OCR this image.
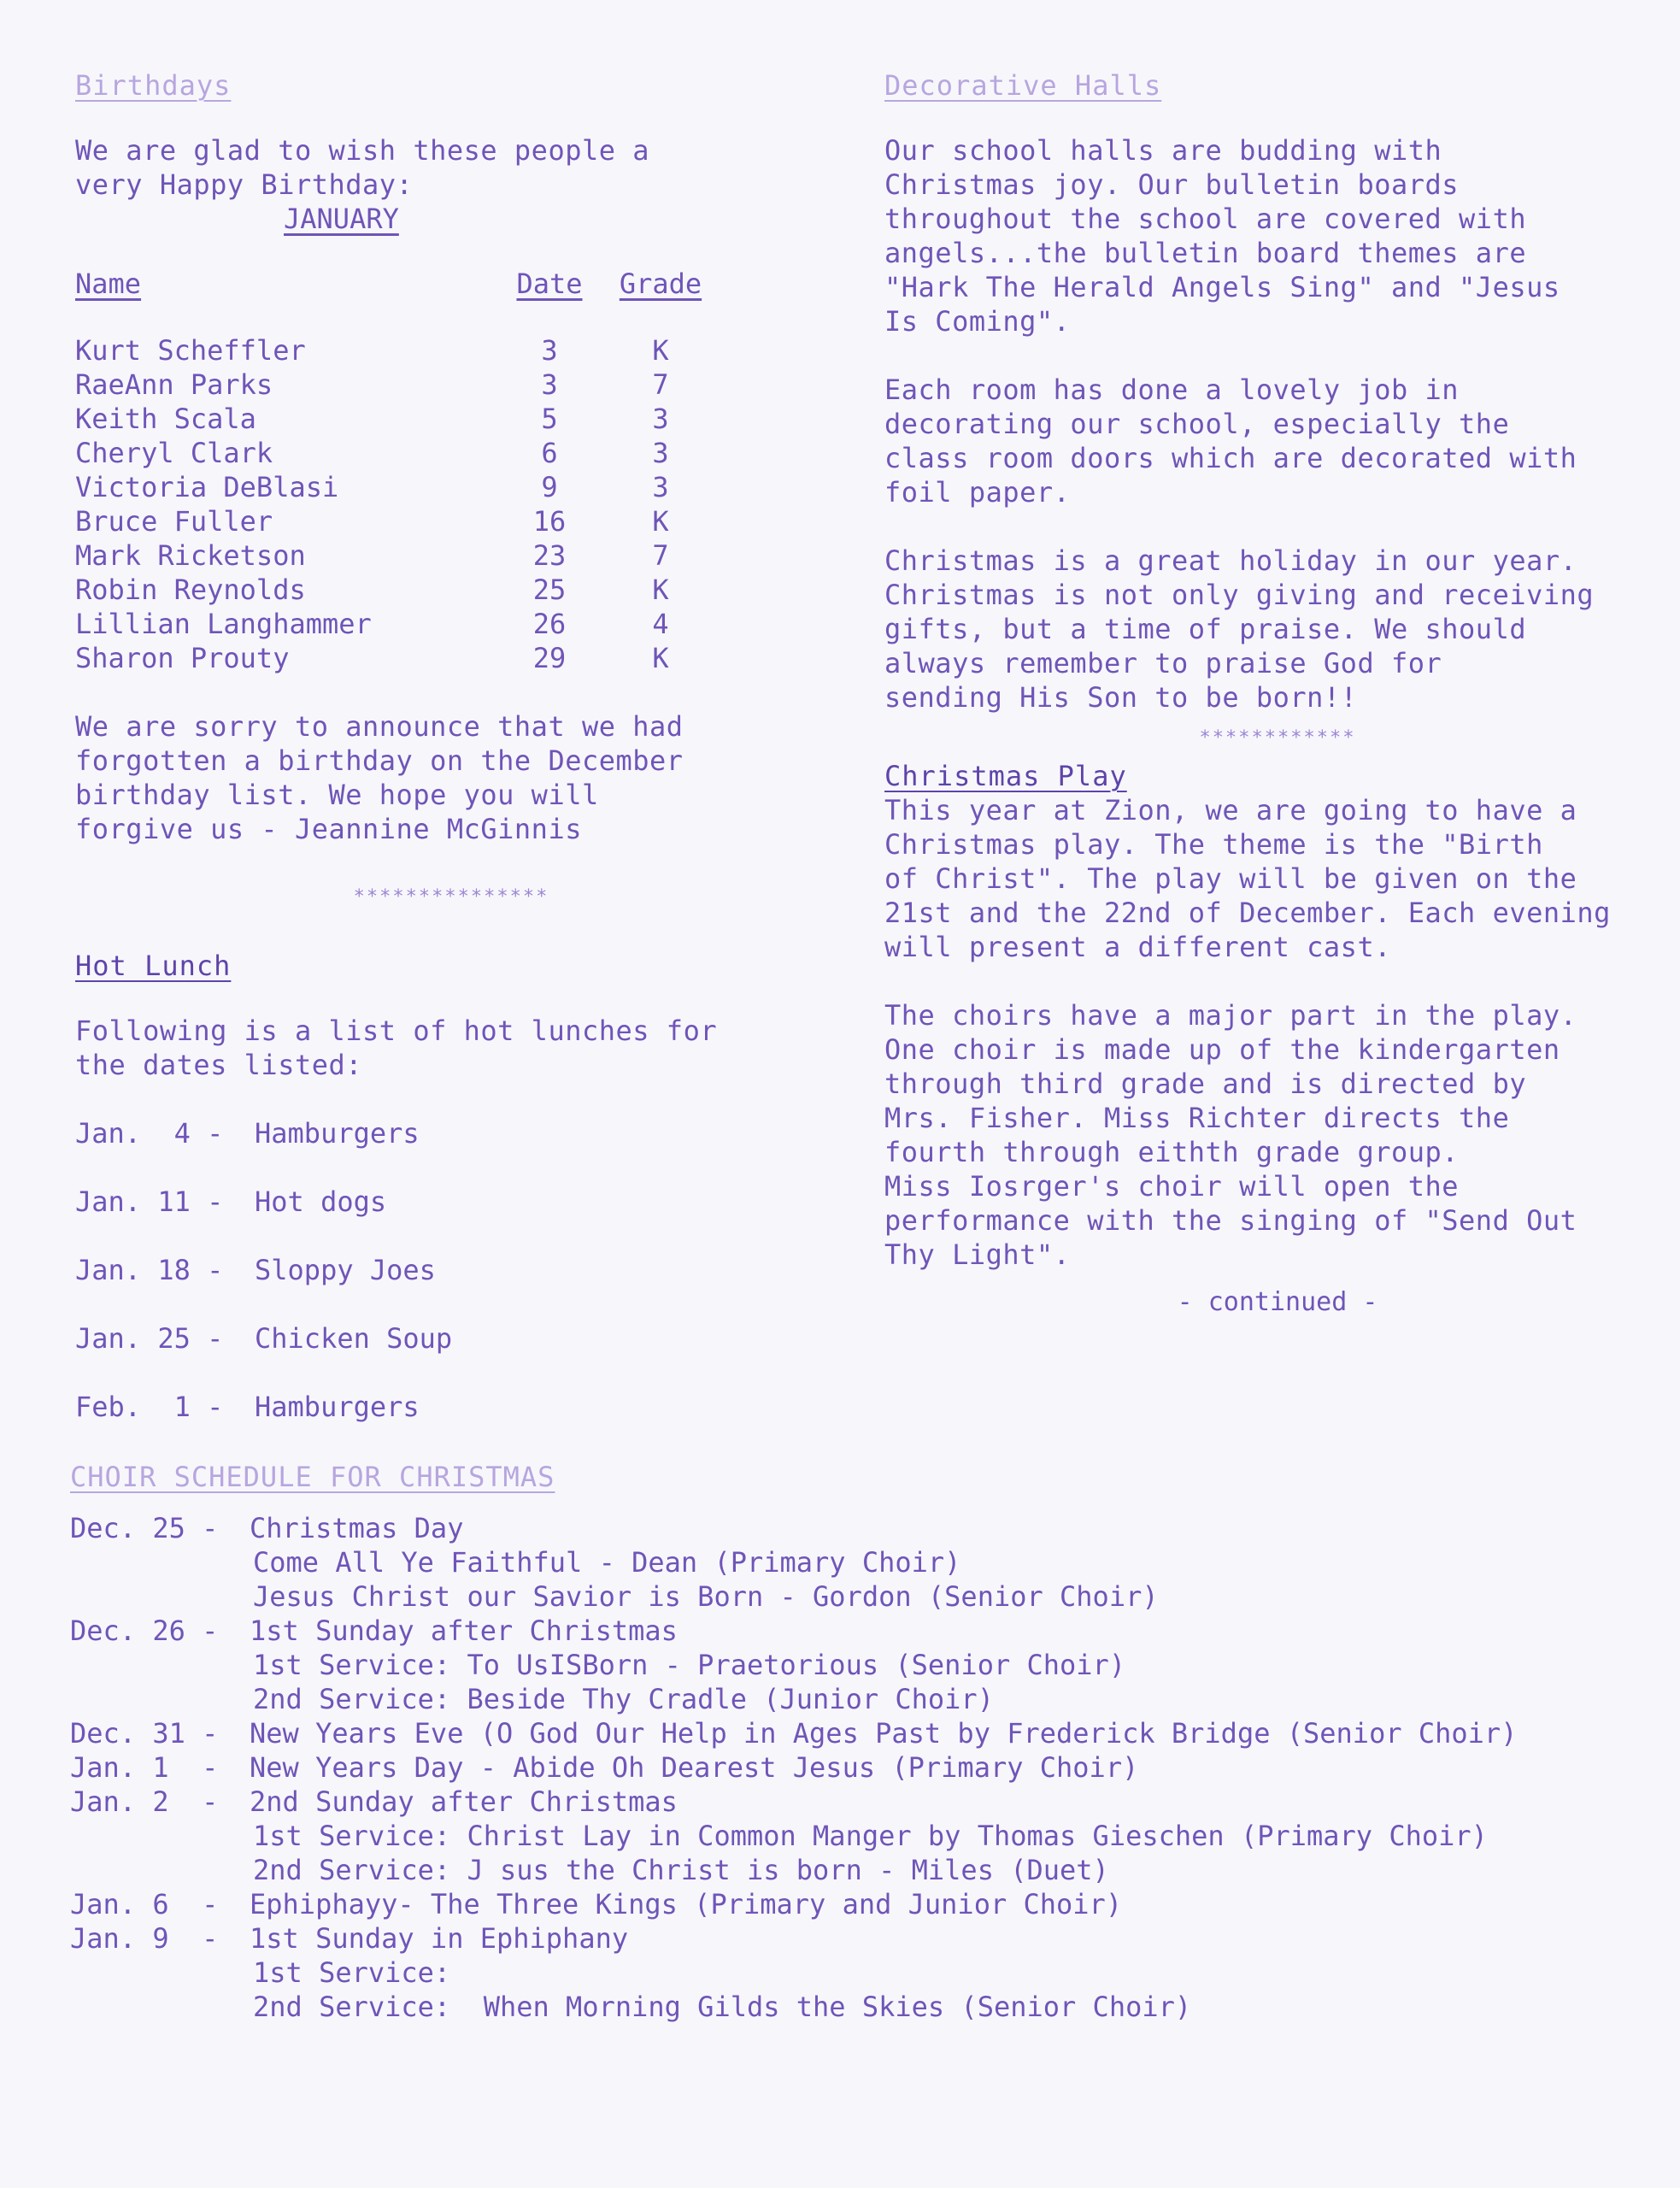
Birthdays

We are glad to wish these people a
very Happy Birthday:

JANUARY
Name	Date	Grade
Kurt Scheffler	3	K
RaeAnn Parks	3	7
Keith Scala	5	3
Cheryl Clark	6	3
Victoria DeBlasi	9	3
Bruce Fuller	16	K
Mark Ricketson	23	7
Robin Reynolds	25	K
Lillian Langhammer	26	4
Sharon Prouty	29	K

We are sorry to announce that we had
forgotten a birthday on the December
birthday list. We hope you will
forgive us - Jeannine McGinnis

***************
Hot Lunch

Following is a list of hot lunches for
the dates listed:

Jan.  4 -	Hamburgers
Jan. 11 -	Hot dogs
Jan. 18 -	Sloppy Joes
Jan. 25 -	Chicken Soup
Feb.  1 -	Hamburgers
Decorative Halls

Our school halls are budding with
Christmas joy. Our bulletin boards
throughout the school are covered with
angels...the bulletin board themes are
"Hark The Herald Angels Sing" and "Jesus
Is Coming".

Each room has done a lovely job in
decorating our school, especially the
class room doors which are decorated with
foil paper.

Christmas is a great holiday in our year.
Christmas is not only giving and receiving
gifts, but a time of praise. We should
always remember to praise God for
sending His Son to be born!!

************
Christmas Play

This year at Zion, we are going to have a
Christmas play. The theme is the "Birth
of Christ". The play will be given on the
21st and the 22nd of December. Each evening
will present a different cast.

The choirs have a major part in the play.
One choir is made up of the kindergarten
through third grade and is directed by
Mrs. Fisher. Miss Richter directs the
fourth through eithth grade group.
Miss Iosrger's choir will open the
performance with the singing of "Send Out
Thy Light".

- continued -
CHOIR SCHEDULE FOR CHRISTMAS
Dec. 25 -	Christmas Day
Come All Ye Faithful - Dean (Primary Choir)
Jesus Christ our Savior is Born - Gordon (Senior Choir)
Dec. 26 -	1st Sunday after Christmas
1st Service: To UsISBorn - Praetorious (Senior Choir)
2nd Service: Beside Thy Cradle (Junior Choir)
Dec. 31 -	New Years Eve (O God Our Help in Ages Past by Frederick Bridge (Senior Choir)
Jan. 1  -	New Years Day - Abide Oh Dearest Jesus (Primary Choir)
Jan. 2  -	2nd Sunday after Christmas
1st Service: Christ Lay in Common Manger by Thomas Gieschen (Primary Choir)
2nd Service: J sus the Christ is born - Miles (Duet)
Jan. 6  -	Ephiphayy- The Three Kings (Primary and Junior Choir)
Jan. 9  -	1st Sunday in Ephiphany
1st Service:
2nd Service:  When Morning Gilds the Skies (Senior Choir)
